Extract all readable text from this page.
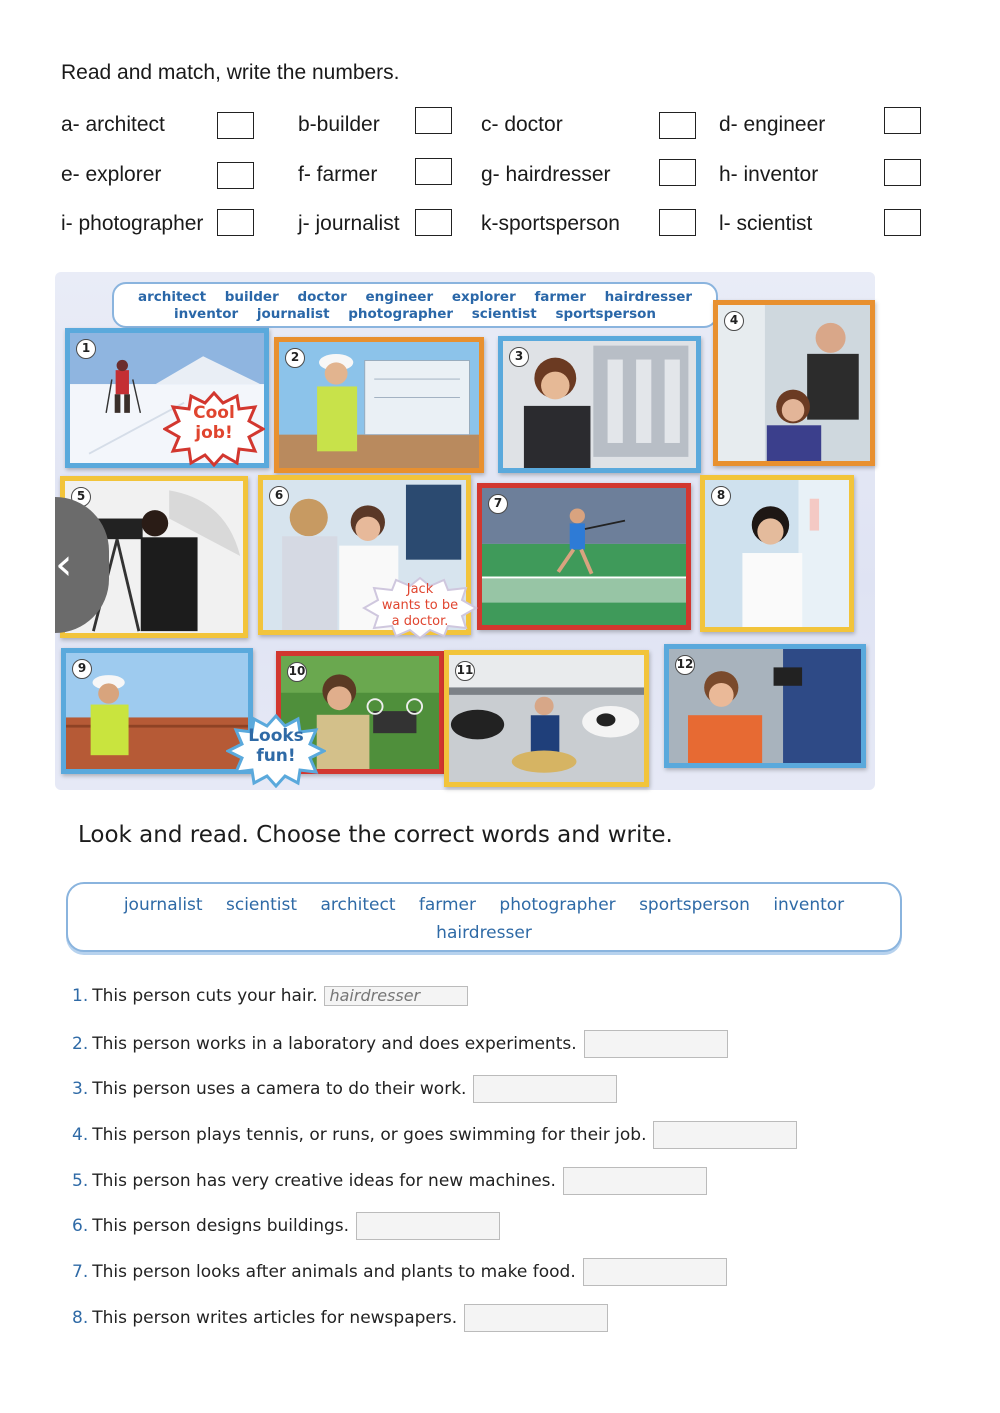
Read and match, write the numbers.
a- architect	b-builder	c- doctor	d- engineer
e- explorer	f- farmer	g- hairdresser	h- inventor
i- photographer	j- journalist	k-sportsperson	l- scientist
architect builder doctor engineer explorer farmer hairdresser
inventor journalist photographer scientist sportsperson
1
2	3
4
5
‹
6
7
8
9	10	11	12
Cool
job!
Jack
wants to be
a doctor.
Looks
fun!
Look and read. Choose the correct words and write.
journalist scientist architect farmer photographer sportsperson inventor
hairdresser
1. This person cuts your hair. hairdresser
2. This person works in a laboratory and does experiments.
3. This person uses a camera to do their work.
4. This person plays tennis, or runs, or goes swimming for their job.
5. This person has very creative ideas for new machines.
6. This person designs buildings.
7. This person looks after animals and plants to make food.
8. This person writes articles for newspapers.
